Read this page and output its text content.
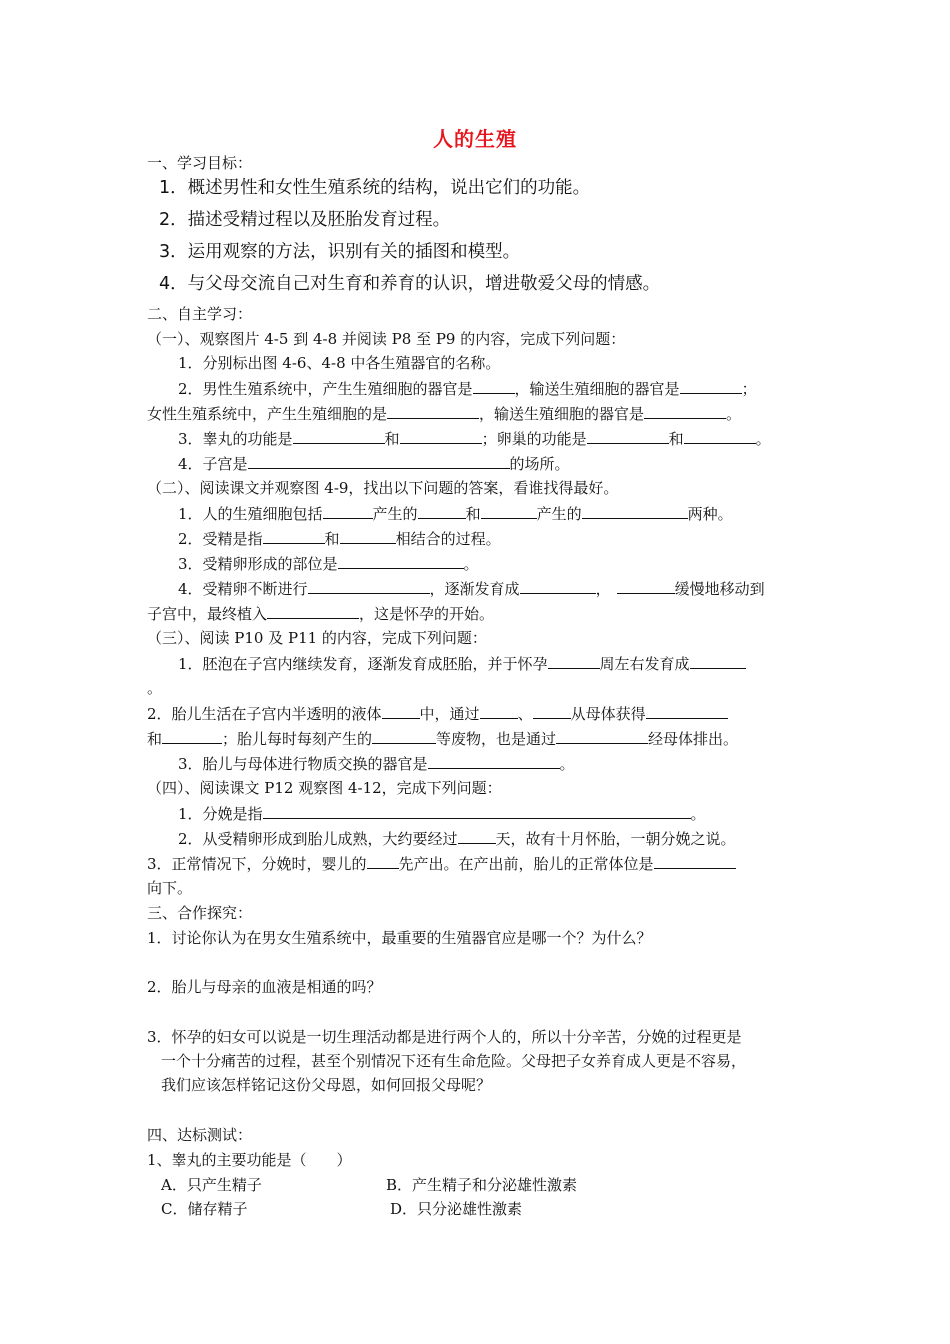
人的生殖
一、学习目标：
1．概述男性和女性生殖系统的结构，说出它们的功能。
2．描述受精过程以及胚胎发育过程。
3．运用观察的方法，识别有关的插图和模型。
4．与父母交流自己对生育和养育的认识，增进敬爱父母的情感。
二、自主学习：
（一）、观察图片 4-5 到 4-8 并阅读 P8 至 P9 的内容，完成下列问题：
1．分别标出图 4-6、4-8 中各生殖器官的名称。
2．男性生殖系统中，产生生殖细胞的器官是	，输送生殖细胞的器官是	；
女性生殖系统中，产生生殖细胞的是	，输送生殖细胞的器官是	。
3．睾丸的功能是	和	；卵巢的功能是	和	。
4．子宫是	的场所。
（二）、阅读课文并观察图 4-9，找出以下问题的答案，看谁找得最好。
1．人的生殖细胞包括	产生的	和	产生的	两种。
2．受精是指	和	相结合的过程。
3．受精卵形成的部位是	。
4．受精卵不断进行	，逐渐发育成	，	缓慢地移动到
子宫中，最终植入	，这是怀孕的开始。
（三）、阅读 P10 及 P11 的内容，完成下列问题：
1．胚泡在子宫内继续发育，逐渐发育成胚胎，并于怀孕	周左右发育成
。
2．胎儿生活在子宫内半透明的液体	中，通过	、	从母体获得
和	；胎儿每时每刻产生的	等废物，也是通过	经母体排出。
3．胎儿与母体进行物质交换的器官是	。
（四）、阅读课文 P12 观察图 4-12，完成下列问题：
1．分娩是指	。
2．从受精卵形成到胎儿成熟，大约要经过	天，故有十月怀胎，一朝分娩之说。
3．正常情况下，分娩时，婴儿的 先产出。在产出前，胎儿的正常体位是
向下。
三、合作探究：
1．讨论你认为在男女生殖系统中，最重要的生殖器官应是哪一个？为什么？
2．胎儿与母亲的血液是相通的吗？
3．怀孕的妇女可以说是一切生理活动都是进行两个人的，所以十分辛苦，分娩的过程更是
一个十分痛苦的过程，甚至个别情况下还有生命危险。父母把子女养育成人更是不容易，
我们应该怎样铭记这份父母恩，如何回报父母呢？
四、达标测试：
1、睾丸的主要功能是（　　）
A．只产生精子	B．产生精子和分泌雄性激素
C．储存精子	D．只分泌雄性激素
